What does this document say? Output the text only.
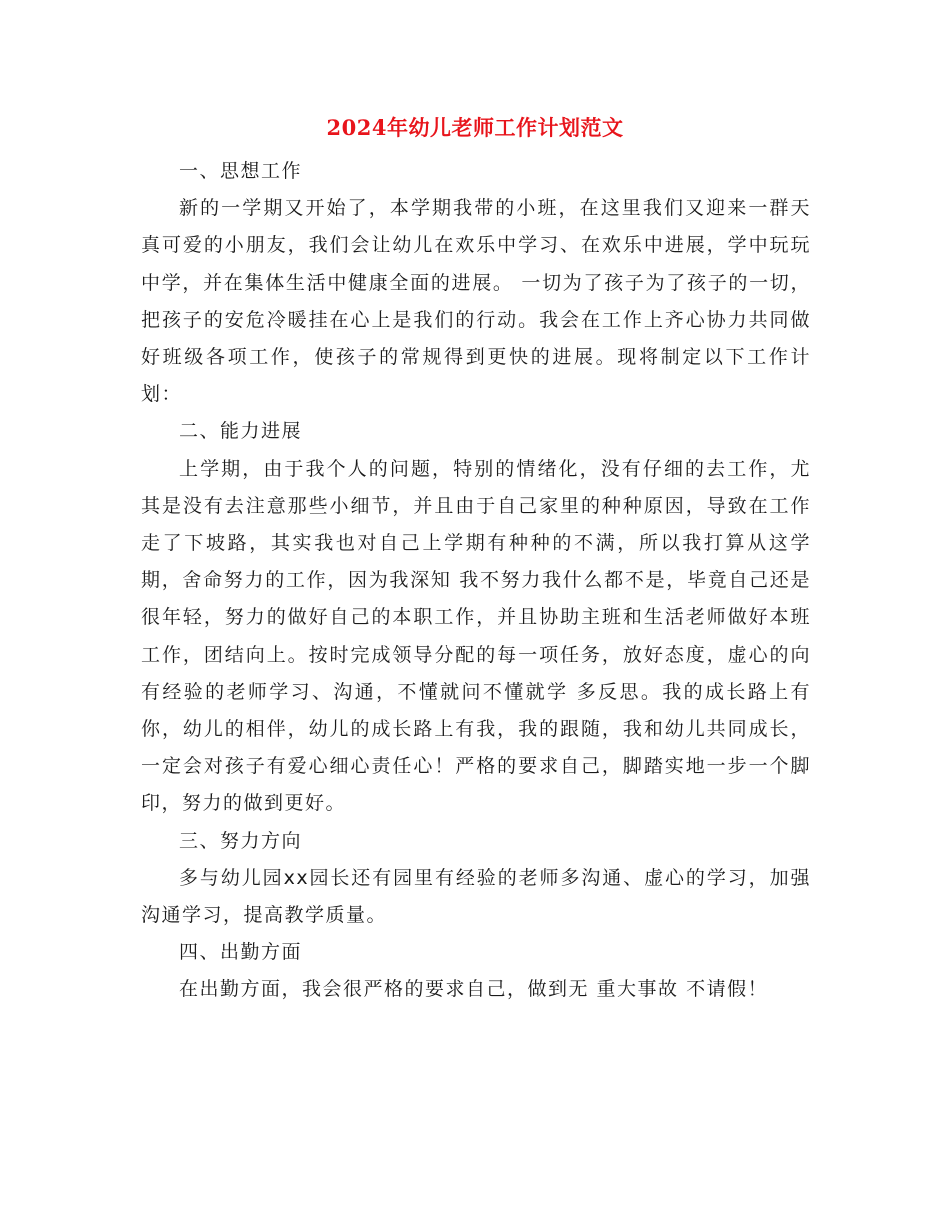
2024年幼儿老师工作计划范文

一、思想工作

新的一学期又开始了，本学期我带的小班，在这里我们又迎来一群天真可爱的小朋友，我们会让幼儿在欢乐中学习、在欢乐中进展，学中玩玩中学，并在集体生活中健康全面的进展。 一切为了孩子为了孩子的一切，把孩子的安危冷暖挂在心上是我们的行动。我会在工作上齐心协力共同做好班级各项工作，使孩子的常规得到更快的进展。现将制定以下工作计划：

二、能力进展

上学期，由于我个人的问题，特别的情绪化，没有仔细的去工作，尤其是没有去注意那些小细节，并且由于自己家里的种种原因，导致在工作走了下坡路，其实我也对自己上学期有种种的不满，所以我打算从这学期，舍命努力的工作，因为我深知 我不努力我什么都不是，毕竟自己还是很年轻，努力的做好自己的本职工作，并且协助主班和生活老师做好本班工作，团结向上。按时完成领导分配的每一项任务，放好态度，虚心的向有经验的老师学习、沟通，不懂就问不懂就学 多反思。我的成长路上有你，幼儿的相伴，幼儿的成长路上有我，我的跟随，我和幼儿共同成长，一定会对孩子有爱心细心责任心！严格的要求自己，脚踏实地一步一个脚印，努力的做到更好。

三、努力方向

多与幼儿园xx园长还有园里有经验的老师多沟通、虚心的学习，加强沟通学习，提高教学质量。

四、出勤方面

在出勤方面，我会很严格的要求自己，做到无 重大事故 不请假！
